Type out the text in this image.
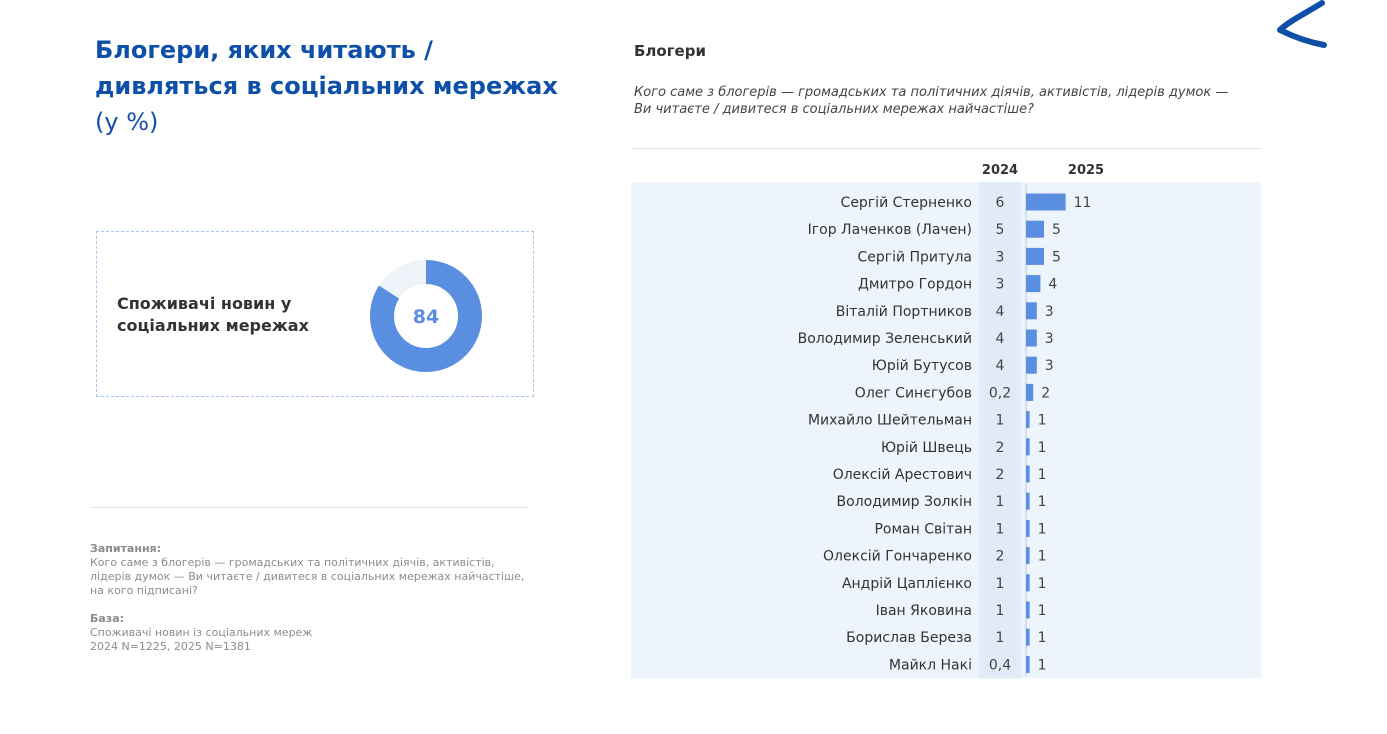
Блогери, яких читають / дивляться в соціальних мережах (у %)
Споживачі новин у соціальних мережах	84

Запитання:

Кого саме з блогерів — громадських та політичних діячів, активістів, лідерів думок — Ви читаєте / дивитеся в соціальних мережах найчастіше, на кого підписані?

База:

Споживачі новин із соціальних мереж

2024 N=1225, 2025 N=1381

Блогери
Кого саме з блогерів — громадських та політичних діячів, активістів, лідерів думок — Ви читаєте / дивитеся в соціальних мережах найчастіше?
2024	2025
Сергій Стерненко 6	11
Ігор Лаченков (Лачен) 5	5
Сергій Притула 3	5
Дмитро Гордон 3	4
Віталій Портников 4	3
Володимир Зеленський 4	3
Юрій Бутусов 4	3
Олег Синєгубов 0,2 2
Михайло Шейтельман 1 1
Юрій Швець 2 1
Олексій Арестович 2 1
Володимир Золкін 1 1
Роман Світан 1 1
Олексій Гончаренко 2 1
Андрій Цаплієнко 1 1
Іван Яковина 1 1
Борислав Береза 1 1
Майкл Накі 0,4 1
